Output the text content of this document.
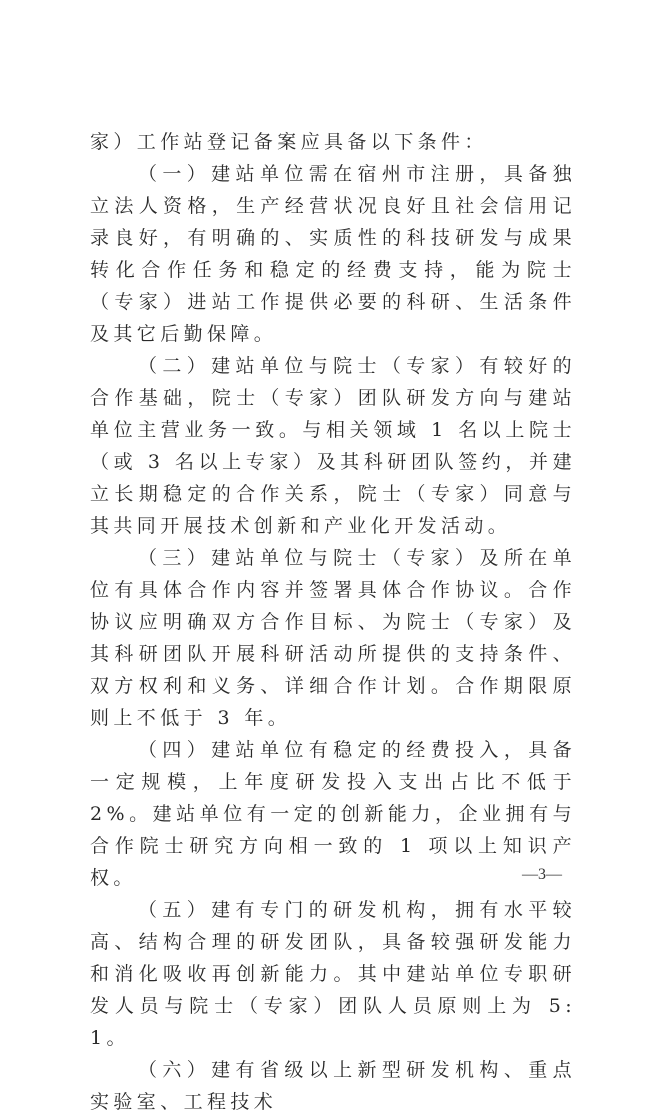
家）工作站登记备案应具备以下条件：

（一）建站单位需在宿州市注册，具备独立法人资格，生产经营状况良好且社会信用记录良好，有明确的、实质性的科技研发与成果转化合作任务和稳定的经费支持，能为院士（专家）进站工作提供必要的科研、生活条件及其它后勤保障。

（二）建站单位与院士（专家）有较好的合作基础，院士（专家）团队研发方向与建站单位主营业务一致。与相关领域 1 名以上院士（或 3 名以上专家）及其科研团队签约，并建立长期稳定的合作关系，院士（专家）同意与其共同开展技术创新和产业化开发活动。

（三）建站单位与院士（专家）及所在单位有具体合作内容并签署具体合作协议。合作协议应明确双方合作目标、为院士（专家）及其科研团队开展科研活动所提供的支持条件、双方权利和义务、详细合作计划。合作期限原则上不低于 3 年。

（四）建站单位有稳定的经费投入，具备一定规模，上年度研发投入支出占比不低于 2%。建站单位有一定的创新能力，企业拥有与合作院士研究方向相一致的 1 项以上知识产权。

（五）建有专门的研发机构，拥有水平较高、结构合理的研发团队，具备较强研发能力和消化吸收再创新能力。其中建站单位专职研发人员与院士（专家）团队人员原则上为 5:1。

（六）建有省级以上新型研发机构、重点实验室、工程技术

—3—
